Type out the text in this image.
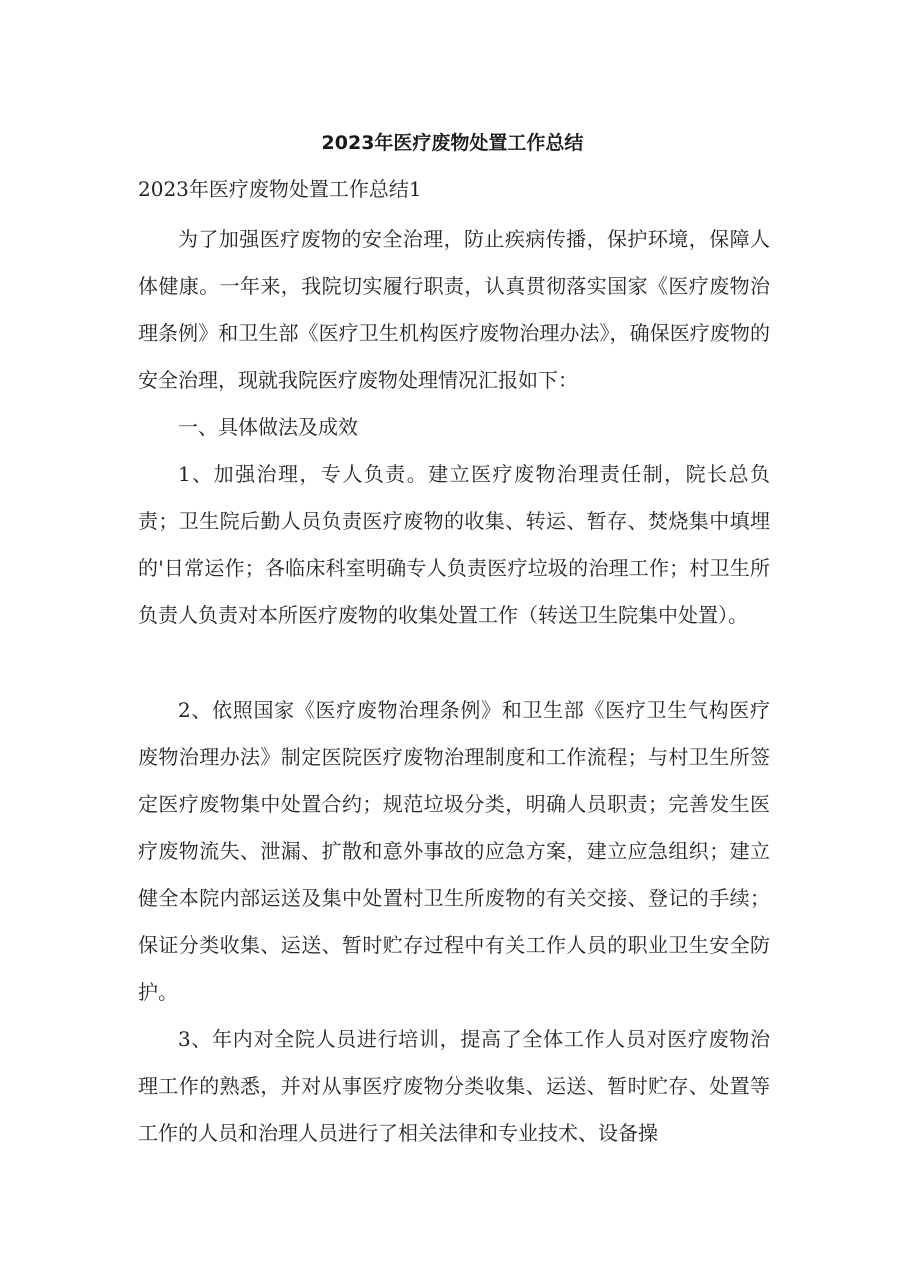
2023年医疗废物处置工作总结

2023年医疗废物处置工作总结1

为了加强医疗废物的安全治理，防止疾病传播，保护环境，保障人体健康。一年来，我院切实履行职责，认真贯彻落实国家《医疗废物治理条例》和卫生部《医疗卫生机构医疗废物治理办法》，确保医疗废物的安全治理，现就我院医疗废物处理情况汇报如下：

一、具体做法及成效

1、加强治理，专人负责。建立医疗废物治理责任制，院长总负责；卫生院后勤人员负责医疗废物的收集、转运、暂存、焚烧集中填埋的'日常运作；各临床科室明确专人负责医疗垃圾的治理工作；村卫生所负责人负责对本所医疗废物的收集处置工作（转送卫生院集中处置）。

2、依照国家《医疗废物治理条例》和卫生部《医疗卫生气构医疗废物治理办法》制定医院医疗废物治理制度和工作流程；与村卫生所签定医疗废物集中处置合约；规范垃圾分类，明确人员职责；完善发生医疗废物流失、泄漏、扩散和意外事故的应急方案，建立应急组织；建立健全本院内部运送及集中处置村卫生所废物的有关交接、登记的手续；保证分类收集、运送、暂时贮存过程中有关工作人员的职业卫生安全防护。

3、年内对全院人员进行培训，提高了全体工作人员对医疗废物治理工作的熟悉，并对从事医疗废物分类收集、运送、暂时贮存、处置等工作的人员和治理人员进行了相关法律和专业技术、设备操
